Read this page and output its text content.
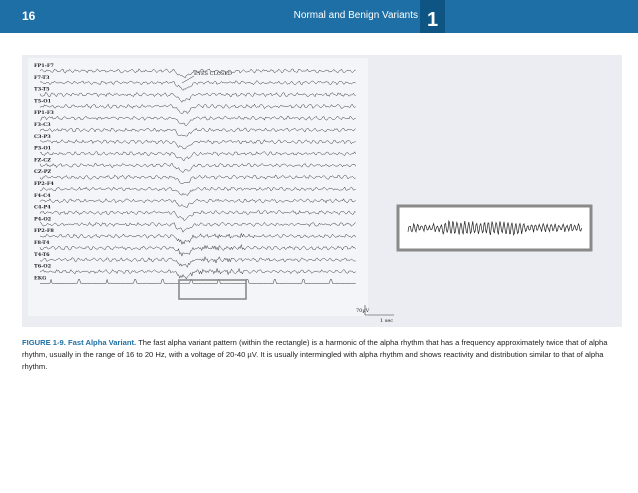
16	Normal and Benign Variants 1
FP1-F7
F7-T3
T3-T5
T5-O1
FP1-F3
F3-C3
C3-P3
P3-O1
FZ-CZ
CZ-PZ
FP2-F4
F4-C4
C4-P4
P4-O2
FP2-F8
F8-T4
T4-T6
T6-O2
EKG
EYES CLOSED
70µV
1 sec
FIGURE 1-9. Fast Alpha Variant. The fast alpha variant pattern (within the rectangle) is a harmonic of the alpha rhythm that has a frequency approximately twice that of alpha rhythm, usually in the range of 16 to 20 Hz, with a voltage of 20-40 µV. It is usually intermingled with alpha rhythm and shows reactivity and distribution similar to that of alpha rhythm.
